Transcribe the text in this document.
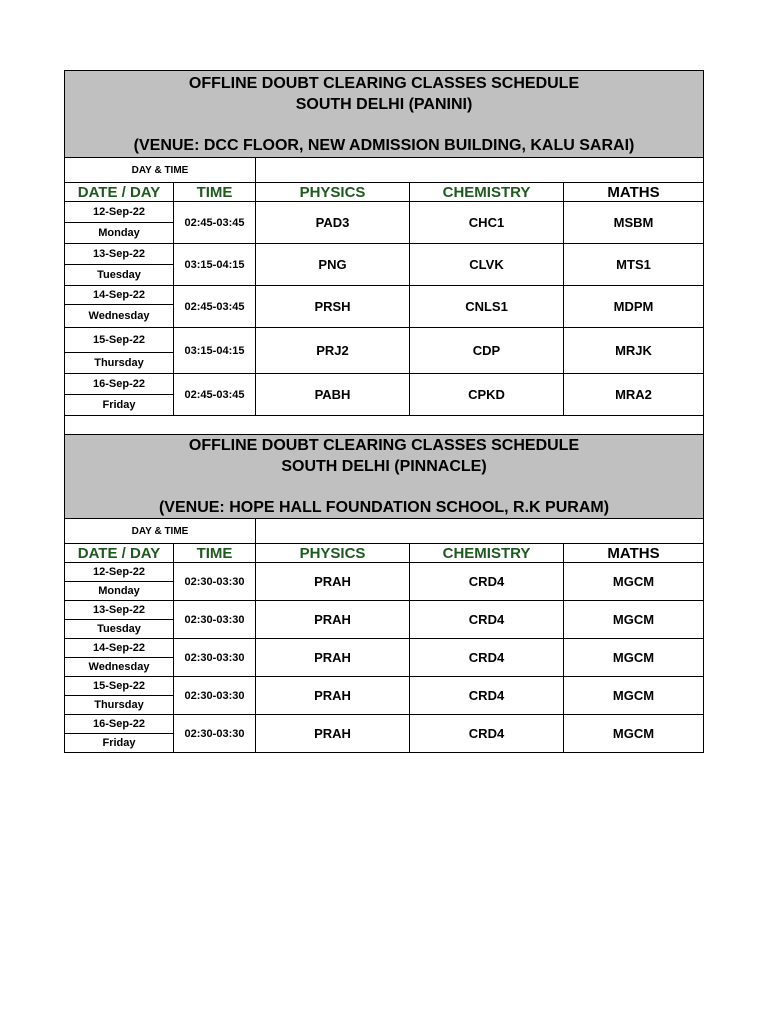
OFFLINE DOUBT CLEARING CLASSES SCHEDULE
SOUTH DELHI (PANINI)
(VENUE: DCC FLOOR, NEW ADMISSION BUILDING, KALU SARAI)				

DAY & TIME				
DATE / DAY	TIME	PHYSICS	CHEMISTRY	MATHS
12-Sep-22	02:45-03:45	PAD3	CHC1	MSBM
Monday				
13-Sep-22	03:15-04:15	PNG	CLVK	MTS1
Tuesday				
14-Sep-22	02:45-03:45	PRSH	CNLS1	MDPM
Wednesday				
15-Sep-22	03:15-04:15	PRJ2	CDP	MRJK
Thursday				
16-Sep-22	02:45-03:45	PABH	CPKD	MRA2
Friday				

OFFLINE DOUBT CLEARING CLASSES SCHEDULE
SOUTH DELHI (PINNACLE)
(VENUE: HOPE HALL FOUNDATION SCHOOL, R.K PURAM)				

DAY & TIME				
DATE / DAY	TIME	PHYSICS	CHEMISTRY	MATHS
12-Sep-22	02:30-03:30	PRAH	CRD4	MGCM
Monday				
13-Sep-22	02:30-03:30	PRAH	CRD4	MGCM
Tuesday				
14-Sep-22	02:30-03:30	PRAH	CRD4	MGCM
Wednesday				
15-Sep-22	02:30-03:30	PRAH	CRD4	MGCM
Thursday				
16-Sep-22	02:30-03:30	PRAH	CRD4	MGCM
Friday				
